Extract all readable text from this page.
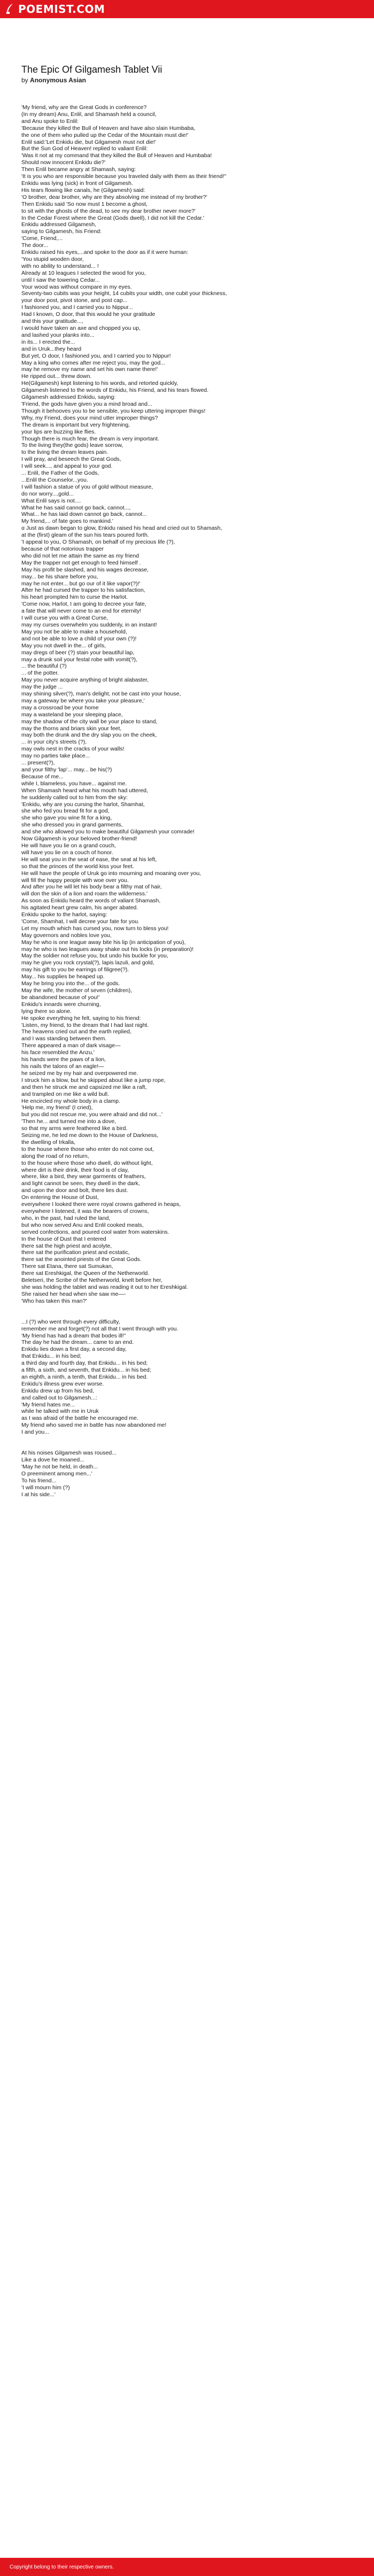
POEMIST.COM
The Epic Of Gilgamesh Tablet Vii

by Anonymous Asian

'My friend, why are the Great Gods in conference?
(In my dream) Anu, Enlil, and Shamash held a council,
and Anu spoke to Enlil:
'Because they killed the Bull of Heaven and have also slain Humbaba,
the one of them who pulled up the Cedar of the Mountain must die!'
Enlil said:'Let Enkidu die, but Gilgamesh must not die!'
But the Sun God of Heaven! replied to valiant Enlil:
'Was it not at my command that they killed the Bull of Heaven and Humbaba!
Should now innocent Enkidu die?'
Then Enlil became angry at Shamash, saying:
'It is you who are responsible because you traveled daily with them as their friend!''
Enkidu was lying (sick) in front of Gilgamesh.
His tears flowing like canals, he (Gilgamesh) said:
'O brother, dear brother, why are they absolving me instead of my brother?'
Then Enkidu said 'So now must 1 become a ghost,
to sit with the ghosts of the dead, to see my dear brother never more?'
In the Cedar Forest where the Great (Gods dwell), I did not kill the Cedar.'
Enkidu addressed Gilgamesh,
saying to Gilgamesh, his Friend:
'Come, Friend,...
The door...
Enkidu raised his eyes,...and spoke to the door as if it were human:
'You stupid wooden door,
with no ability to understand... !
Already at 10 leagues I selected the wood for you,
until I saw the towering Cedar...
Your wood was without compare in my eyes.
Seventy-two cubits was your height, 14 cubits your width, one cubit your thickness,
your door post, pivot stone, and post cap...
I fashioned you, and I carried you to Nippur...
Had I known, O door, that this would he your gratitude
and this your gratitude...,
I would have taken an axe and chopped you up,
and lashed your planks into...
in its... I erected the...
and in Uruk...they heard
But yet, O door, I fashioned you, and I carried you to Nippur!
May a king who comes after me reject you, may the god...
may he remove my name and set his own name there!'
He ripped out... threw down.
He(Gilgamesh) kept listening to his words, and retorted quickly,
Gilgamesh listened to the words of Enkidu, his Friend, and his tears flowed.
Gilgamesh addressed Enkidu, saying:
'Friend, the gods have given you a mind broad and...
Though it behooves you to be sensible, you keep uttering improper things!
Why, my Friend, does your mind utter improper things?
The dream is important but very frightening,
your lips are buzzing like flies.
Though there is much fear, the dream is very important.
To the living they(the gods) leave sorrow,
to the living the dream leaves pain.
I will pray, and beseech the Great Gods,
I will seek..., and appeal to your god.
... Enlil, the Father of the Gods,
...Enlil the Counselor...you.
I will fashion a statue of you of gold without measure,
do nor worry...,gold...
What Enlil says is not....
What he has said cannot go back, cannot...,
What... he has laid down cannot go back, cannot...
My friend,... of fate goes to mankind.'
α Just as dawn began to glow, Enkidu raised his head and cried out to Shamash,
at the (first) gleam of the sun his tears poured forth.
'I appeal to you, O Shamash, on behalf of my precious life (?),
because of that notorious trapper
who did not let me attain the same as my friend
May the trapper not get enough to feed himself .
May his profit be slashed, and his wages decrease,
may... be his share before you,
may he not enter... but go our of it like vapor(?)!'
After he had cursed the trapper to his satisfaction,
his heart prompted him to curse the Harlot.
'Come now, Harlot, I am going to decree your fate,
a fate that will never come to an end for eternity!
I will curse you with a Great Curse,
may my curses overwhelm you suddenly, in an instant!
May you not be able to make a household,
and not be able to love a child of your own (?)!
May you not dwell in the... of girls,
may dregs of beer (?) stain your beautiful lap,
may a drunk soil your festal robe with vomit(?),
... the beautiful (?)
... of the potter.
May you never acquire anything of bright alabaster,
may the judge ...
may shining silver(?), man's delight, not be cast into your house,
may a gateway be where you take your pleasure,'
may a crossroad be your home
may a wasteland be your sleeping place,
may the shadow of the city wall be your place to stand,
may the thorns and briars skin your feet,
may both the drunk and the dry slap you on the cheek,
... in your city's streets (?),
may owls nest in the cracks of your walls!
may no parties take place...
... present(?),
and your filthy 'lap'... may... be his(?)
Because of me...
while I, blameless, you have... against me.
When Shamash heard what his mouth had uttered,
he suddenly called out to him from the sky:
'Enkidu, why are you cursing the harlot, Shamhat,
she who fed you bread fit for a god,
she who gave you wine fit for a king,
she who dressed you in grand garments,
and she who allowed you to make beautiful Gilgamesh your comrade!
Now Gilgamesh is your beloved brother-friend!
He will have you lie on a grand couch,
will have you lie on a couch of honor.
He will seat you in the seat of ease, the seat at his left,
so that the princes of the world kiss your feet.
He will have the people of Uruk go into mourning and moaning over you,
will fill the happy people with woe over you.
And after you he will let his body bear a filthy mat of hair,
will don the skin of a lion and roam the wilderness.'
As soon as Enkidu heard the words of valiant Shamash,
his agitated heart grew calm, his anger abated.
Enkidu spoke to the harlot, saying:
'Come, Shamhat, I will decree your fate for you.
Let my mouth which has cursed you, now turn to bless you!
May governors and nobles love you,
May he who is one league away bite his lip (in anticipation of you),
may he who is two leagues away shake out his locks (in preparation)!
May the soldier not refuse you, but undo his buckle for you,
may he give you rock crystal(?), lapis lazuli, and gold,
may his gift to you be earrings of filigree(?).
May... his supplies be heaped up.
May he bring you into the... of the gods.
May the wife, the mother of seven (children),
be abandoned because of you!'
Enkidu's innards were churning,
lying there so alone.
He spoke everything he felt, saying to his friend:
'Listen, my friend, to the dream that I had last night.
The heavens cried out and the earth replied,
and I was standing between them.
There appeared a man of dark visage—
his face resembled the Anzu,'
his hands were the paws of a lion,
his nails the talons of an eagle!—
he seized me by my hair and overpowered me.
I struck him a blow, but he skipped about like a jump rope,
and then he struck me and capsized me like a raft,
and trampled on me like a wild bull.
He encircled my whole body in a clamp.
'Help me, my friend' (I cried),
but you did not rescue me, you were afraid and did not...'
'Then he... and turned me into a dove,
so that my arms were feathered like a bird.
Seizing me, he led me down to the House of Darkness,
the dwelling of Irkalla,
to the house where those who enter do not come out,
along the road of no return,
to the house where those who dwell, do without light,
where dirt is their drink, their food is of clay,
where, like a bird, they wear garments of feathers,
and light cannot be seen, they dwell in the dark,
and upon the door and bolt, there lies dust.
On entering the House of Dust,
everywhere I looked there were royal crowns gathered in heaps,
everywhere I listened, it was the bearers of crowns,
who, in the past, had ruled the land,
but who now served Anu and Enlil cooked meats,
served confections, and poured cool water from waterskins.
In the house of Dust that I entered
there sat the high priest and acolyte,
there sat the purification priest and ecstatic,
there sat the anointed priests of the Great Gods.
There sat Etana, there sat Sumukan,
there sat Ereshkigal, the Queen of the Netherworld.
Beletseri, the Scribe of the Netherworld, knelt before her,
she was holding the tablet and was reading it out to her Ereshkigal.
She raised her head when she saw me—-
'Who has taken this man?'

...I (?) who went through every difficulty,
remember me and forget(?) not all that I went through with you.
'My friend has had a dream that bodes ill!''
The day he had the dream... came to an end.
Enkidu lies down a first day, a second day,
that Enkidu... in his bed;
a third day and fourth day, that Enkidu... in his bed;
a fifth, a sixth, and seventh, that Enkidu... in his bed;
an eighth, a ninth, a tenth, that Enkidu... in his bed.
Enkidu's illness grew ever worse.
Enkidu drew up from his bed,
and called out to Gilgamesh...:
'My friend hates me...
while he talked with me in Uruk
as I was afraid of the battle he encouraged me.
My friend who saved me in battle has now abandoned me!
I and you...

At his noises Gilgamesh was roused...
Like a dove he moaned...
'May he not be held, in death...
O preeminent among men...'
To his friend...
'I will mourn him (?)
I at his side...'

Copyright belong to their respective owners.
